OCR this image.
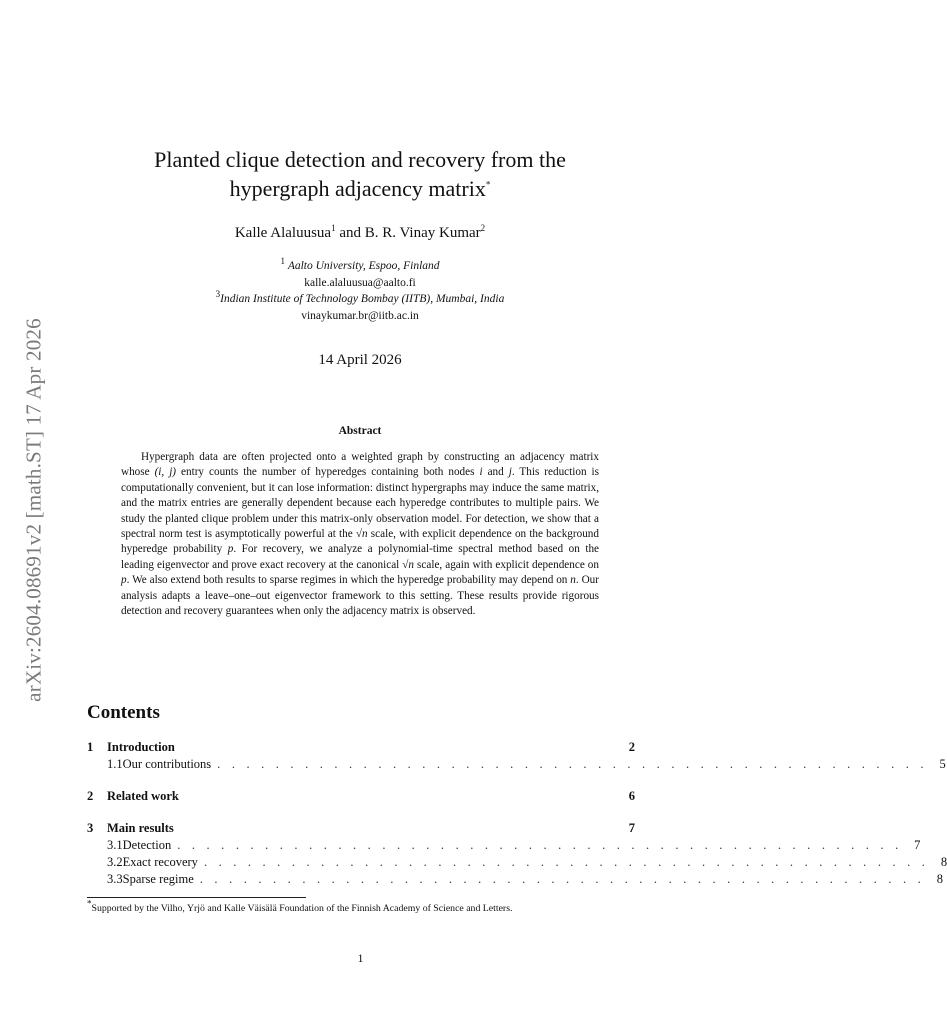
arXiv:2604.08691v2 [math.ST] 17 Apr 2026
Planted clique detection and recovery from the
hypergraph adjacency matrix*
Kalle Alaluusua$^1$ and B. R. Vinay Kumar$^2$
$^1$ Aalto University, Espoo, Finland
kalle.alaluusua@aalto.fi
$^3$Indian Institute of Technology Bombay (IITB), Mumbai, India
vinaykumar.br@iitb.ac.in
14 April 2026
Abstract
Hypergraph data are often projected onto a weighted graph by constructing an adjacency matrix whose (i, j) entry counts the number of hyperedges containing both nodes i and j. This reduction is computationally convenient, but it can lose information: distinct hypergraphs may induce the same matrix, and the matrix entries are generally dependent because each hyperedge contributes to multiple pairs. We study the planted clique problem under this matrix-only observation model. For detection, we show that a spectral norm test is asymptotically powerful at the √n scale, with explicit dependence on the background hyperedge probability p. For recovery, we analyze a polynomial-time spectral method based on the leading eigenvector and prove exact recovery at the canonical √n scale, again with explicit dependence on p. We also extend both results to sparse regimes in which the hyperedge probability may depend on n. Our analysis adapts a leave–one–out eigenvector framework to this setting. These results provide rigorous detection and recovery guarantees when only the adjacency matrix is observed.
Contents
1	Introduction	2
1.1 Our contributions . . . . . . . . . . . . . . . . . . . . . . . . . . . . . . . . . . . . . . . . . . . . . . . . . 5
2	Related work	6
3	Main results	7
3.1 Detection . . . . . . . . . . . . . . . . . . . . . . . . . . . . . . . . . . . . . . . . . . . . . . . . . . 7
3.2 Exact recovery . . . . . . . . . . . . . . . . . . . . . . . . . . . . . . . . . . . . . . . . . . . . . . . . . . 8
3.3 Sparse regime . . . . . . . . . . . . . . . . . . . . . . . . . . . . . . . . . . . . . . . . . . . . . . . . . . 8
*Supported by the Vilho, Yrjö and Kalle Väisälä Foundation of the Finnish Academy of Science and Letters.
1
